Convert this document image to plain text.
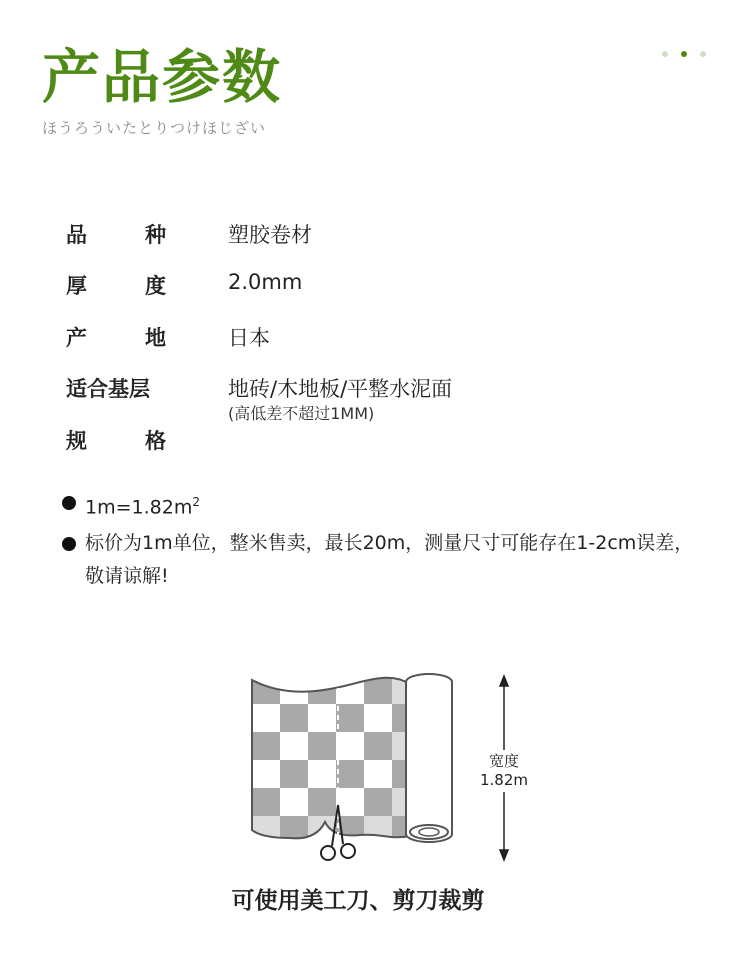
产品参数
ほうろういたとりつけほじざい
品种	塑胶卷材
厚度	2.0mm
产地	日本
适合基层	地砖/木地板/平整水泥面
(高低差不超过1MM)
规格
$1m=1.82m^2$
标价为1m单位，整米售卖，最长20m，测量尺寸可能存在1-2cm误差，敬请谅解!
宽度
1.82m
可使用美工刀、剪刀裁剪
